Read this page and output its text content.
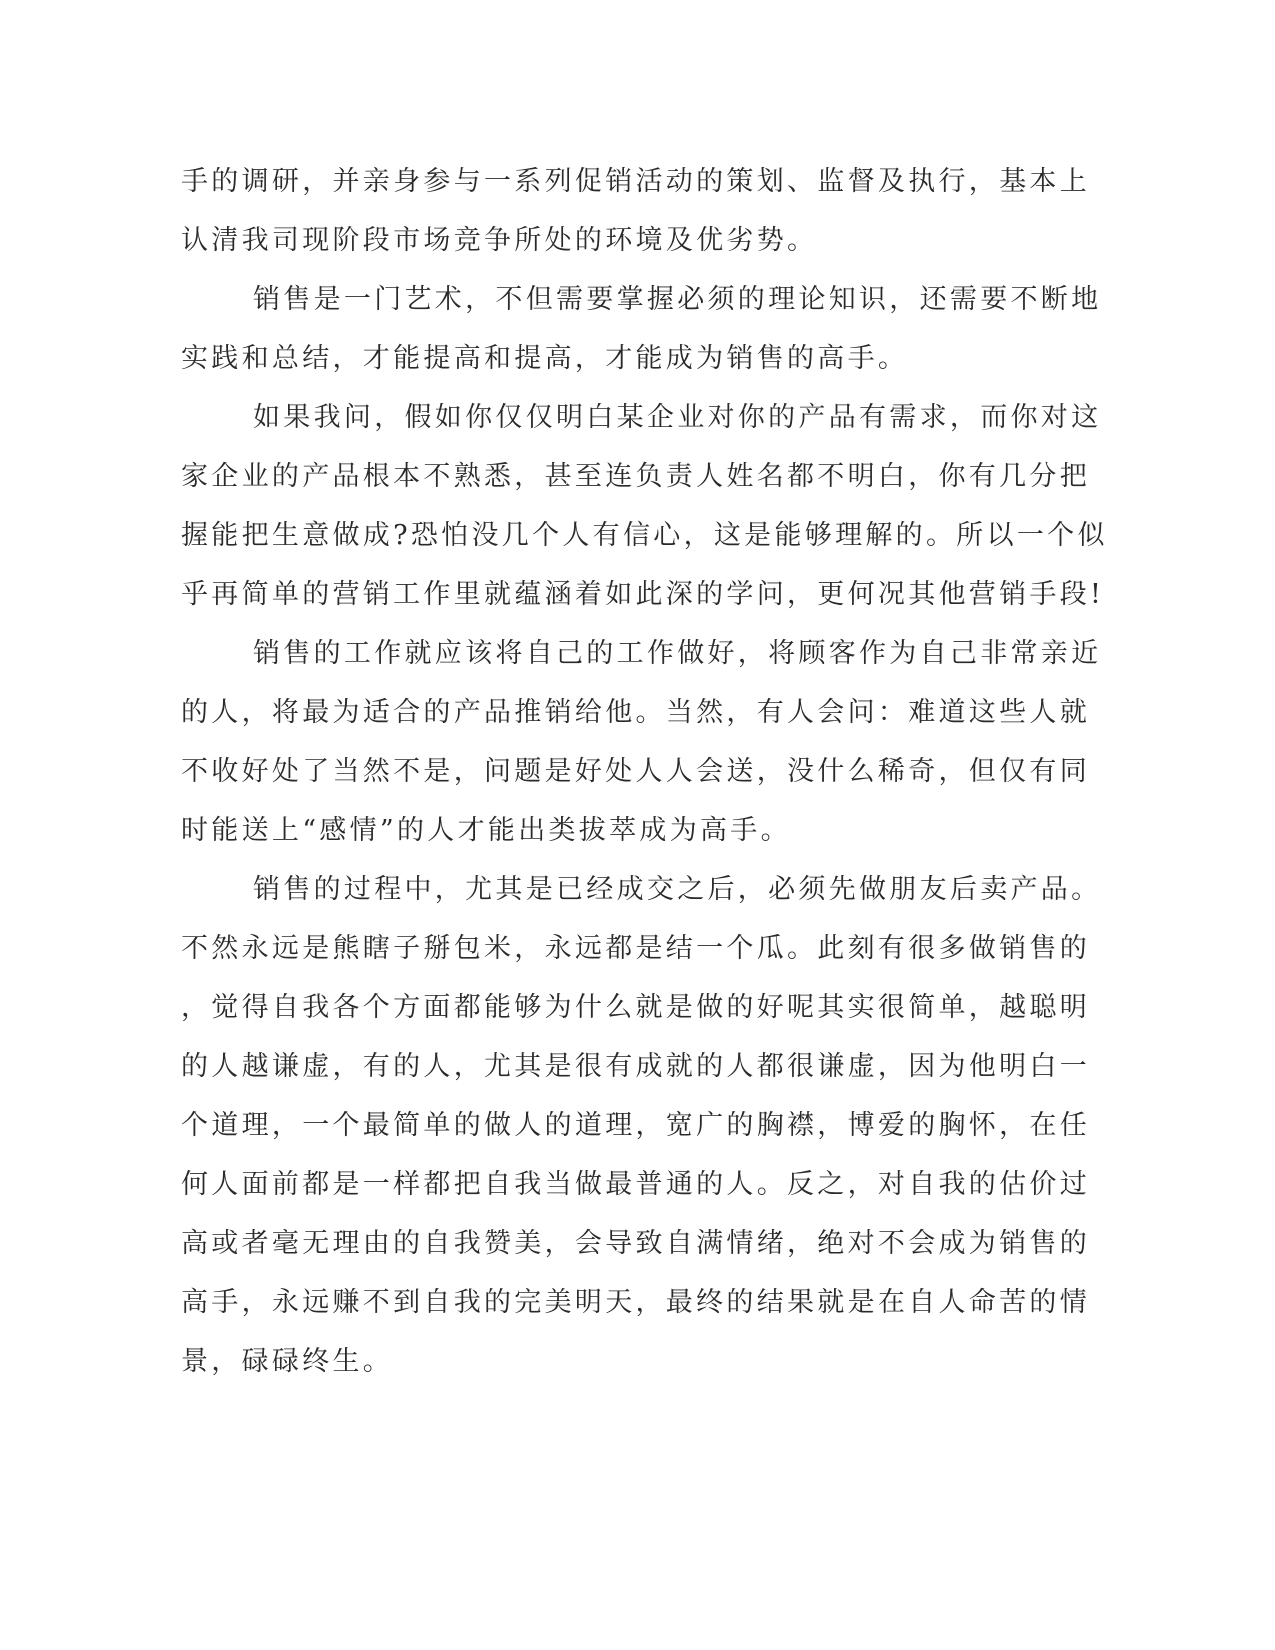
手的调研，并亲身参与一系列促销活动的策划、监督及执行，基本上
认清我司现阶段市场竞争所处的环境及优劣势。
销售是一门艺术，不但需要掌握必须的理论知识，还需要不断地
实践和总结，才能提高和提高，才能成为销售的高手。
如果我问，假如你仅仅明白某企业对你的产品有需求，而你对这
家企业的产品根本不熟悉，甚至连负责人姓名都不明白，你有几分把
握能把生意做成?恐怕没几个人有信心，这是能够理解的。所以一个似
乎再简单的营销工作里就蕴涵着如此深的学问，更何况其他营销手段!
销售的工作就应该将自己的工作做好，将顾客作为自己非常亲近
的人，将最为适合的产品推销给他。当然，有人会问：难道这些人就
不收好处了当然不是，问题是好处人人会送，没什么稀奇，但仅有同
时能送上“感情”的人才能出类拔萃成为高手。
销售的过程中，尤其是已经成交之后，必须先做朋友后卖产品。
不然永远是熊瞎子掰包米，永远都是结一个瓜。此刻有很多做销售的
，觉得自我各个方面都能够为什么就是做的好呢其实很简单，越聪明
的人越谦虚，有的人，尤其是很有成就的人都很谦虚，因为他明白一
个道理，一个最简单的做人的道理，宽广的胸襟，博爱的胸怀，在任
何人面前都是一样都把自我当做最普通的人。反之，对自我的估价过
高或者毫无理由的自我赞美，会导致自满情绪，绝对不会成为销售的
高手，永远赚不到自我的完美明天，最终的结果就是在自人命苦的情
景，碌碌终生。
